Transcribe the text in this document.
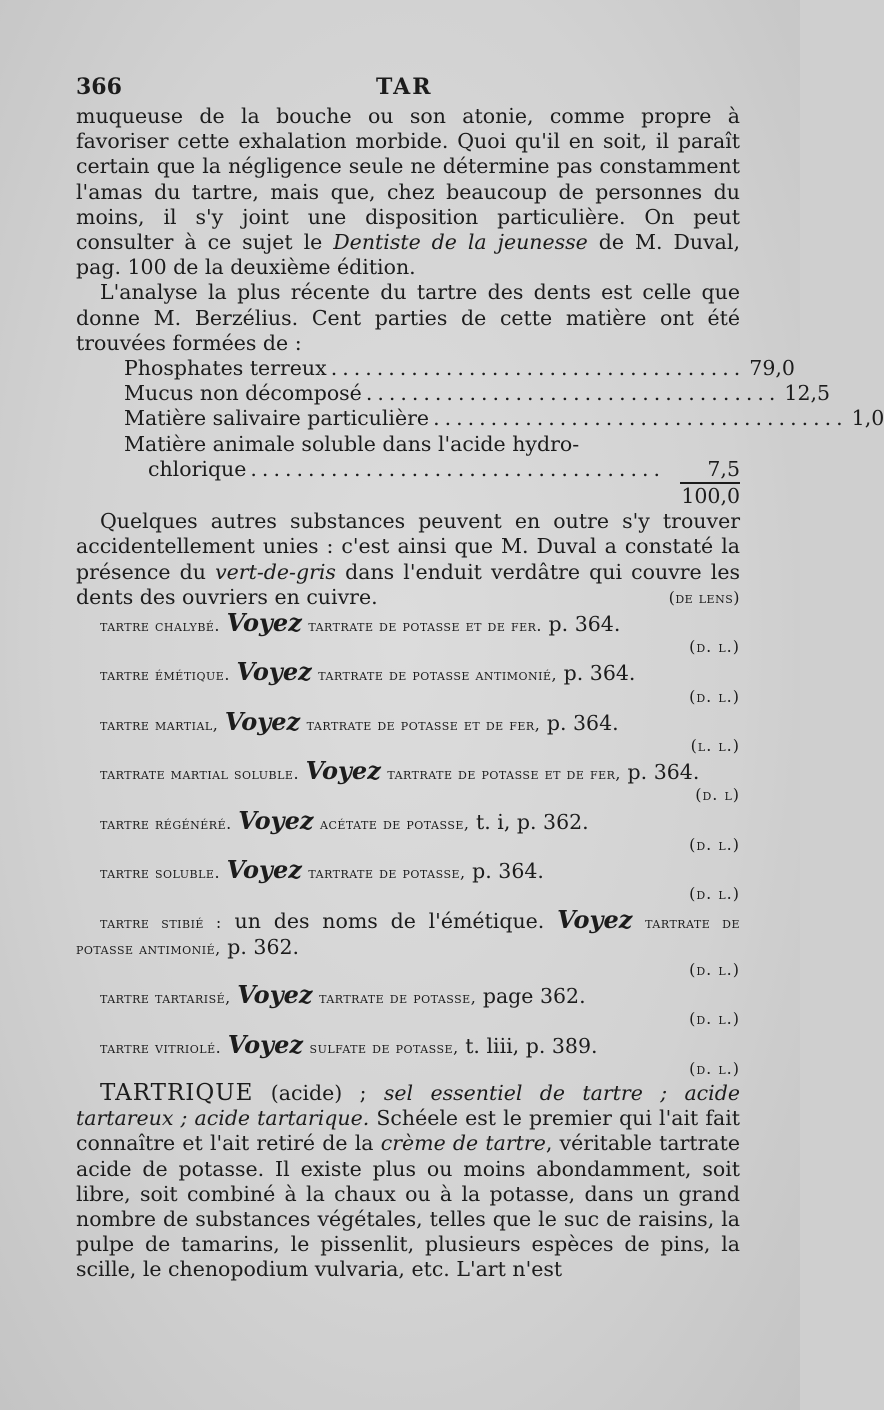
366	TAR

muqueuse de la bouche ou son atonie, comme propre à favoriser cette exhalation morbide. Quoi qu'il en soit, il paraît certain que la négligence seule ne détermine pas constamment l'amas du tartre, mais que, chez beaucoup de personnes du moins, il s'y joint une disposition particulière. On peut consulter à ce sujet le Dentiste de la jeunesse de M. Duval, pag. 100 de la deuxième édition.

L'analyse la plus récente du tartre des dents est celle que donne M. Berzélius. Cent parties de cette matière ont été trouvées formées de :

Phosphates terreux .................................... 79,0
Mucus non décomposé .................................... 12,5
Matière salivaire particulière .................................... 1,0
Matière animale soluble dans l'acide hydro-
chlorique ....................................	7,5
100,0

Quelques autres substances peuvent en outre s'y trouver accidentellement unies : c'est ainsi que M. Duval a constaté la présence du vert-de-gris dans l'enduit verdâtre qui couvre les dents des ouvriers en cuivre.	(de lens)

tartre chalybé. Voyez tartrate de potasse et de fer. p. 364.
(d. l.)

tartre émétique. Voyez tartrate de potasse antimonié, p. 364.
(d. l.)

tartre martial, Voyez tartrate de potasse et de fer, p. 364.
(l. l.)

tartrate martial soluble. Voyez tartrate de potasse et de fer, p. 364.
(d. l)

tartre régénéré. Voyez acétate de potasse, t. i, p. 362.
(d. l.)

tartre soluble. Voyez tartrate de potasse, p. 364.
(d. l.)

tartre stibié : un des noms de l'émétique. Voyez tartrate de potasse antimonié, p. 362.
(d. l.)

tartre tartarisé, Voyez tartrate de potasse, page 362.
(d. l.)

tartre vitriolé. Voyez sulfate de potasse, t. liii, p. 389.
(d. l.)

TARTRIQUE (acide) ; sel essentiel de tartre ; acide tartareux ; acide tartarique. Schéele est le premier qui l'ait fait connaître et l'ait retiré de la crème de tartre, véritable tartrate acide de potasse. Il existe plus ou moins abondamment, soit libre, soit combiné à la chaux ou à la potasse, dans un grand nombre de substances végétales, telles que le suc de raisins, la pulpe de tamarins, le pissenlit, plusieurs espèces de pins, la scille, le chenopodium vulvaria, etc. L'art n'est
